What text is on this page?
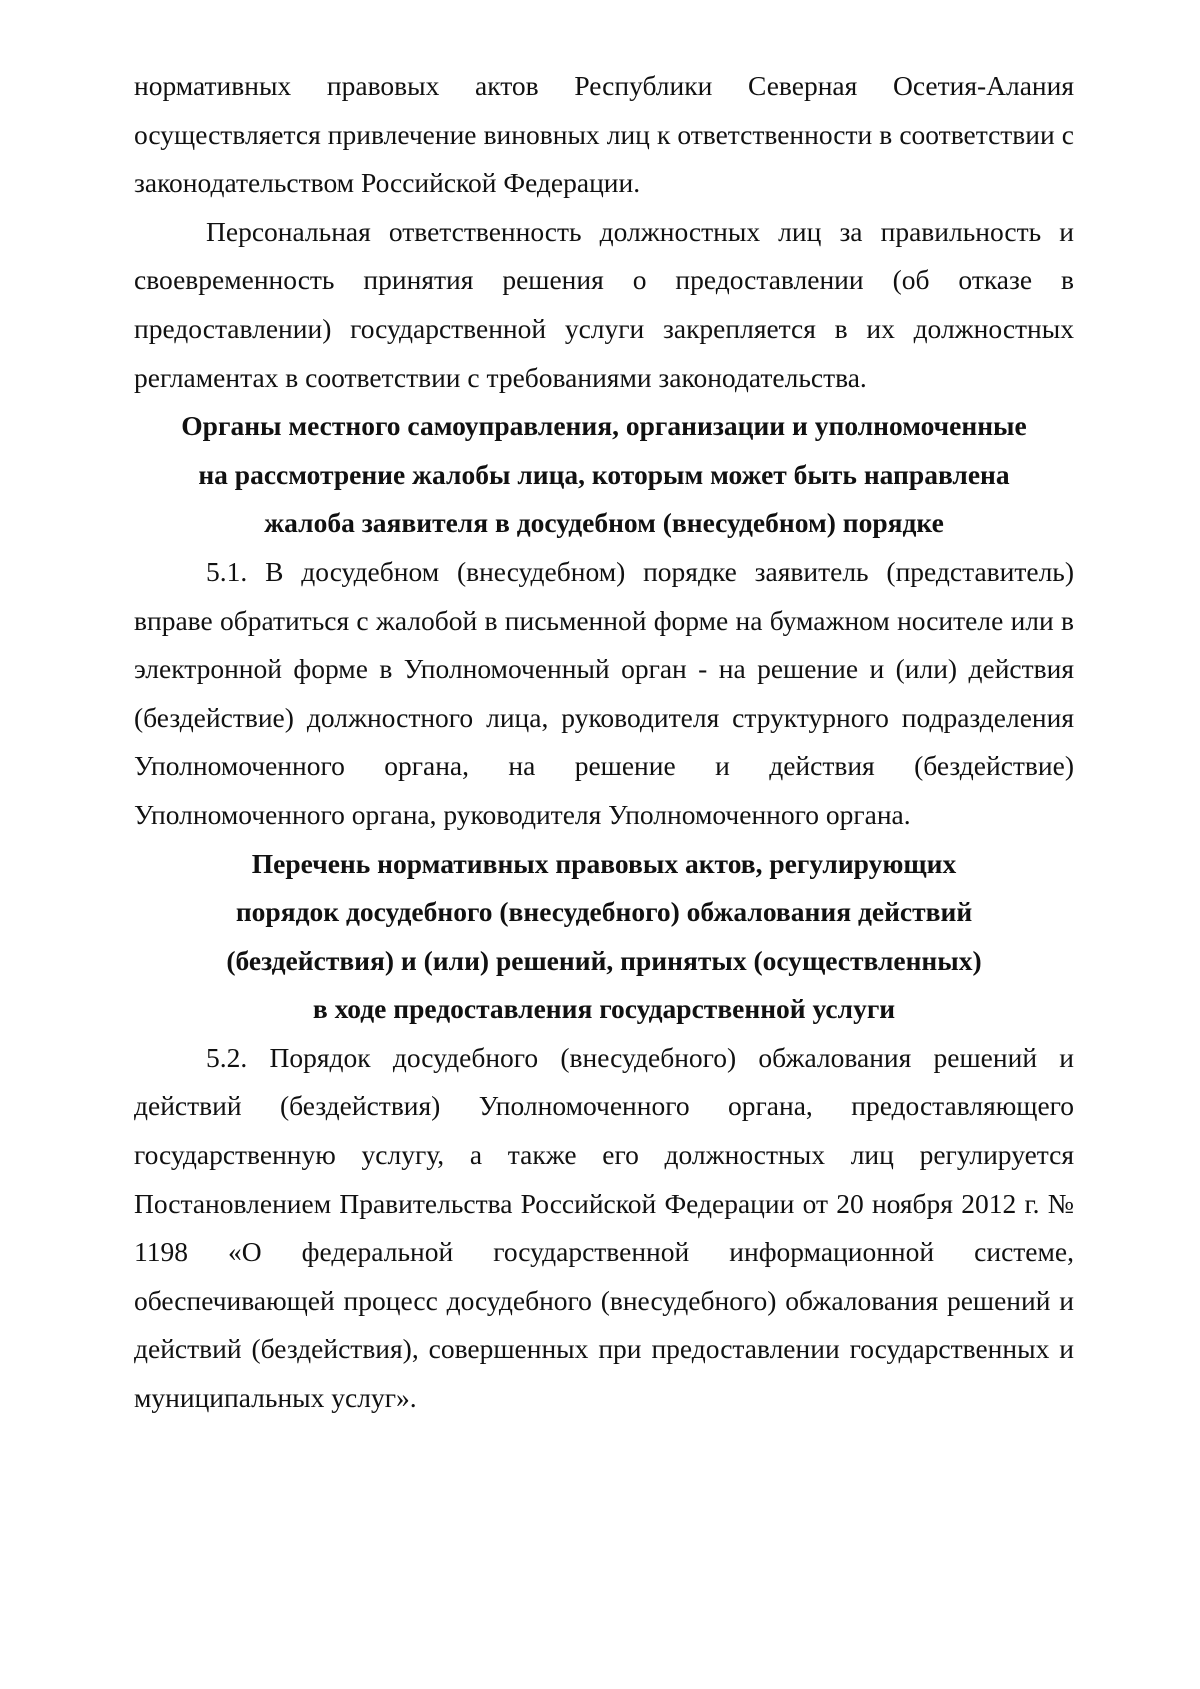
нормативных правовых актов Республики Северная Осетия-Алания осуществляется привлечение виновных лиц к ответственности в соответствии с законодательством Российской Федерации.

Персональная ответственность должностных лиц за правильность и своевременность принятия решения о предоставлении (об отказе в предоставлении) государственной услуги закрепляется в их должностных регламентах в соответствии с требованиями законодательства.

Органы местного самоуправления, организации и уполномоченные
на рассмотрение жалобы лица, которым может быть направлена
жалоба заявителя в досудебном (внесудебном) порядке

5.1. В досудебном (внесудебном) порядке заявитель (представитель) вправе обратиться с жалобой в письменной форме на бумажном носителе или в электронной форме в Уполномоченный орган - на решение и (или) действия (бездействие) должностного лица, руководителя структурного подразделения Уполномоченного органа, на решение и действия (бездействие) Уполномоченного органа, руководителя Уполномоченного органа.

Перечень нормативных правовых актов, регулирующих
порядок досудебного (внесудебного) обжалования действий
(бездействия) и (или) решений, принятых (осуществленных)
в ходе предоставления государственной услуги

5.2. Порядок досудебного (внесудебного) обжалования решений и действий (бездействия) Уполномоченного органа, предоставляющего государственную услугу, а также его должностных лиц регулируется Постановлением Правительства Российской Федерации от 20 ноября 2012 г. № 1198 «О федеральной государственной информационной системе, обеспечивающей процесс досудебного (внесудебного) обжалования решений и действий (бездействия), совершенных при предоставлении государственных и муниципальных услуг».
